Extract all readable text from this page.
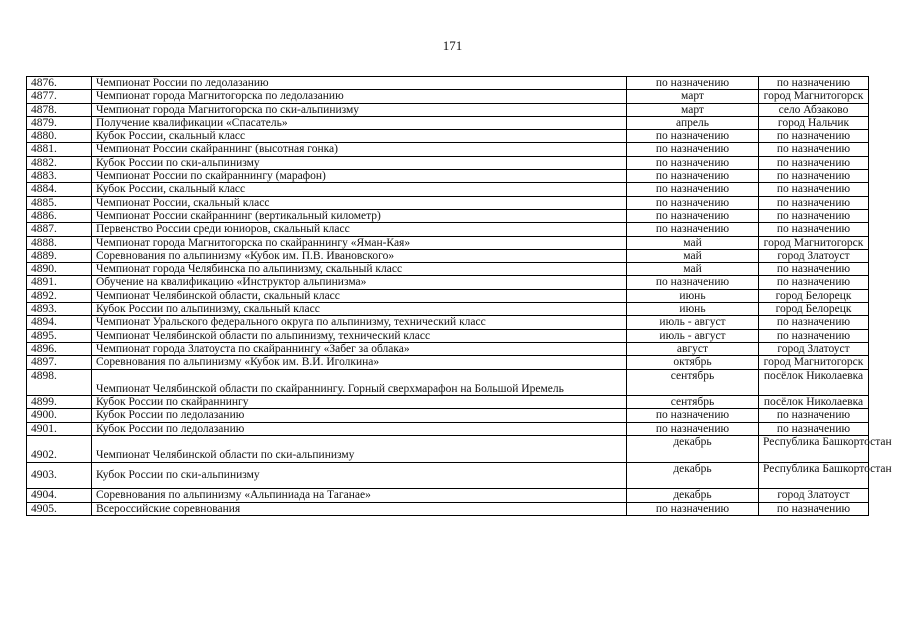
171
4876.	Чемпионат России по ледолазанию	по назначению	по назначению
4877.	Чемпионат города Магнитогорска по ледолазанию	март	город Магнитогорск
4878.	Чемпионат города Магнитогорска по ски-альпинизму	март	село Абзаково
4879.	Получение квалификации «Спасатель»	апрель	город Нальчик
4880.	Кубок России, скальный класс	по назначению	по назначению
4881.	Чемпионат России скайраннинг (высотная гонка)	по назначению	по назначению
4882.	Кубок России по ски-альпинизму	по назначению	по назначению
4883.	Чемпионат России по скайраннингу (марафон)	по назначению	по назначению
4884.	Кубок России, скальный класс	по назначению	по назначению
4885.	Чемпионат России, скальный класс	по назначению	по назначению
4886.	Чемпионат России скайраннинг (вертикальный километр)	по назначению	по назначению
4887.	Первенство России среди юниоров, скальный класс	по назначению	по назначению
4888.	Чемпионат города Магнитогорска по скайраннингу «Яман-Кая»	май	город Магнитогорск
4889.	Соревнования по альпинизму «Кубок им. П.В. Ивановского»	май	город Златоуст
4890.	Чемпионат города Челябинска по альпинизму, скальный класс	май	по назначению
4891.	Обучение на квалификацию «Инструктор альпинизма»	по назначению	по назначению
4892.	Чемпионат Челябинской области, скальный класс	июнь	город Белорецк
4893.	Кубок России по альпинизму, скальный класс	июнь	город Белорецк
4894.	Чемпионат Уральского федерального округа по альпинизму, технический класс	июль - август	по назначению
4895.	Чемпионат Челябинской области по альпинизму, технический класс	июль - август	по назначению
4896.	Чемпионат города Златоуста по скайраннингу «Забег за облака»	август	город Златоуст
4897.	Соревнования по альпинизму «Кубок им. В.И. Иголкина»	октябрь	город Магнитогорск
4898.	Чемпионат Челябинской области по скайраннингу. Горный сверхмарафон на Большой Иремель	сентябрь	посёлок Николаевка
4899.	Кубок России по скайраннингу	сентябрь	посёлок Николаевка
4900.	Кубок России по ледолазанию	по назначению	по назначению
4901.	Кубок России по ледолазанию	по назначению	по назначению
4902.	Чемпионат Челябинской области по ски-альпинизму	декабрь	Республика Башкортостан
4903.	Кубок России по ски-альпинизму	декабрь	Республика Башкортостан
4904.	Соревнования по альпинизму «Альпиниада на Таганае»	декабрь	город Златоуст
4905.	Всероссийские соревнования	по назначению	по назначению
